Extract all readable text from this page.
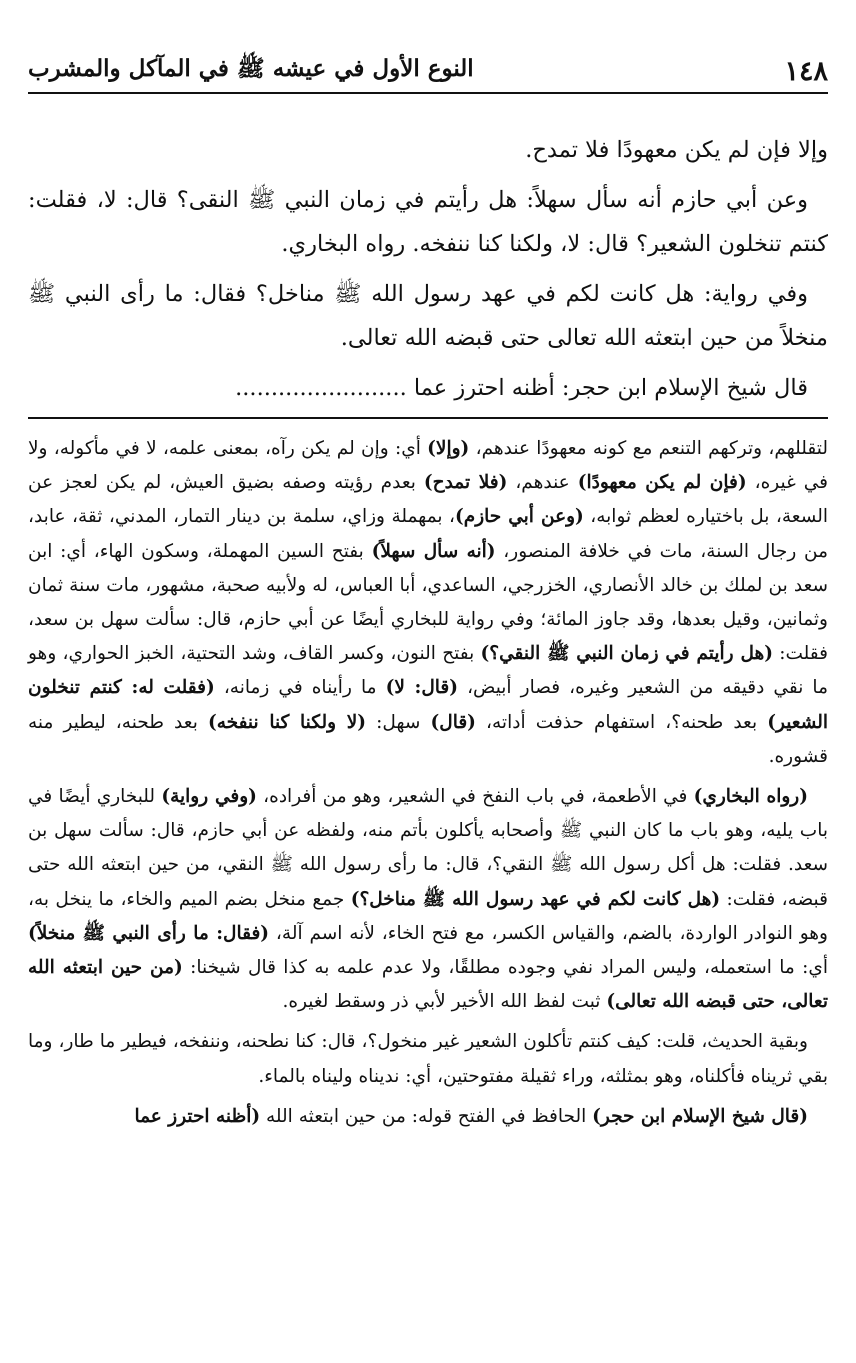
١٤٨
النوع الأول في عيشه ﷺ في المآكل والمشرب

وإلا فإن لم يكن معهودًا فلا تمدح.

وعن أبي حازم أنه سأل سهلاً: هل رأيتم في زمان النبي ﷺ النقى؟ قال: لا، فقلت: كنتم تنخلون الشعير؟ قال: لا، ولكنا كنا ننفخه. رواه البخاري.

وفي رواية: هل كانت لكم في عهد رسول الله ﷺ مناخل؟ فقال: ما رأى النبي ﷺ منخلاً من حين ابتعثه الله تعالى حتى قبضه الله تعالى.

قال شيخ الإسلام ابن حجر: أظنه احترز عما ........................

لتقللهم، وتركهم التنعم مع كونه معهودًا عندهم، (وإلا) أي: وإن لم يكن رآه، بمعنى علمه، لا في مأكوله، ولا في غيره، (فإن لم يكن معهودًا) عندهم، (فلا تمدح) بعدم رؤيته وصفه بضيق العيش، لم يكن لعجز عن السعة، بل باختياره لعظم ثوابه، (وعن أبي حازم)، بمهملة وزاي، سلمة بن دينار التمار، المدني، ثقة، عابد، من رجال السنة، مات في خلافة المنصور، (أنه سأل سهلاً) بفتح السين المهملة، وسكون الهاء، أي: ابن سعد بن لملك بن خالد الأنصاري، الخزرجي، الساعدي، أبا العباس، له ولأبيه صحبة، مشهور، مات سنة ثمان وثمانين، وقيل بعدها، وقد جاوز المائة؛ وفي رواية للبخاري أيضًا عن أبي حازم، قال: سألت سهل بن سعد، فقلت: (هل رأيتم في زمان النبي ﷺ النقي؟) بفتح النون، وكسر القاف، وشد التحتية، الخبز الحواري، وهو ما نقي دقيقه من الشعير وغيره، فصار أبيض، (قال: لا) ما رأيناه في زمانه، (فقلت له: كنتم تنخلون الشعير) بعد طحنه؟، استفهام حذفت أداته، (قال) سهل: (لا ولكنا كنا ننفخه) بعد طحنه، ليطير منه قشوره.

(رواه البخاري) في الأطعمة، في باب النفخ في الشعير، وهو من أفراده، (وفي رواية) للبخاري أيضًا في باب يليه، وهو باب ما كان النبي ﷺ وأصحابه يأكلون بأتم منه، ولفظه عن أبي حازم، قال: سألت سهل بن سعد. فقلت: هل أكل رسول الله ﷺ النقي؟، قال: ما رأى رسول الله ﷺ النقي، من حين ابتعثه الله حتى قبضه، فقلت: (هل كانت لكم في عهد رسول الله ﷺ مناخل؟) جمع منخل بضم الميم والخاء، ما ينخل به، وهو النوادر الواردة، بالضم، والقياس الكسر، مع فتح الخاء، لأنه اسم آلة، (فقال: ما رأى النبي ﷺ منخلاً) أي: ما استعمله، وليس المراد نفي وجوده مطلقًا، ولا عدم علمه به كذا قال شيخنا: (من حين ابتعثه الله تعالى، حتى قبضه الله تعالى) ثبت لفظ الله الأخير لأبي ذر وسقط لغيره.

وبقية الحديث، قلت: كيف كنتم تأكلون الشعير غير منخول؟، قال: كنا نطحنه، وننفخه، فيطير ما طار، وما بقي ثريناه فأكلناه، وهو بمثلثه، وراء ثقيلة مفتوحتين، أي: نديناه وليناه بالماء.

(قال شيخ الإسلام ابن حجر) الحافظ في الفتح قوله: من حين ابتعثه الله (أظنه احترز عما
